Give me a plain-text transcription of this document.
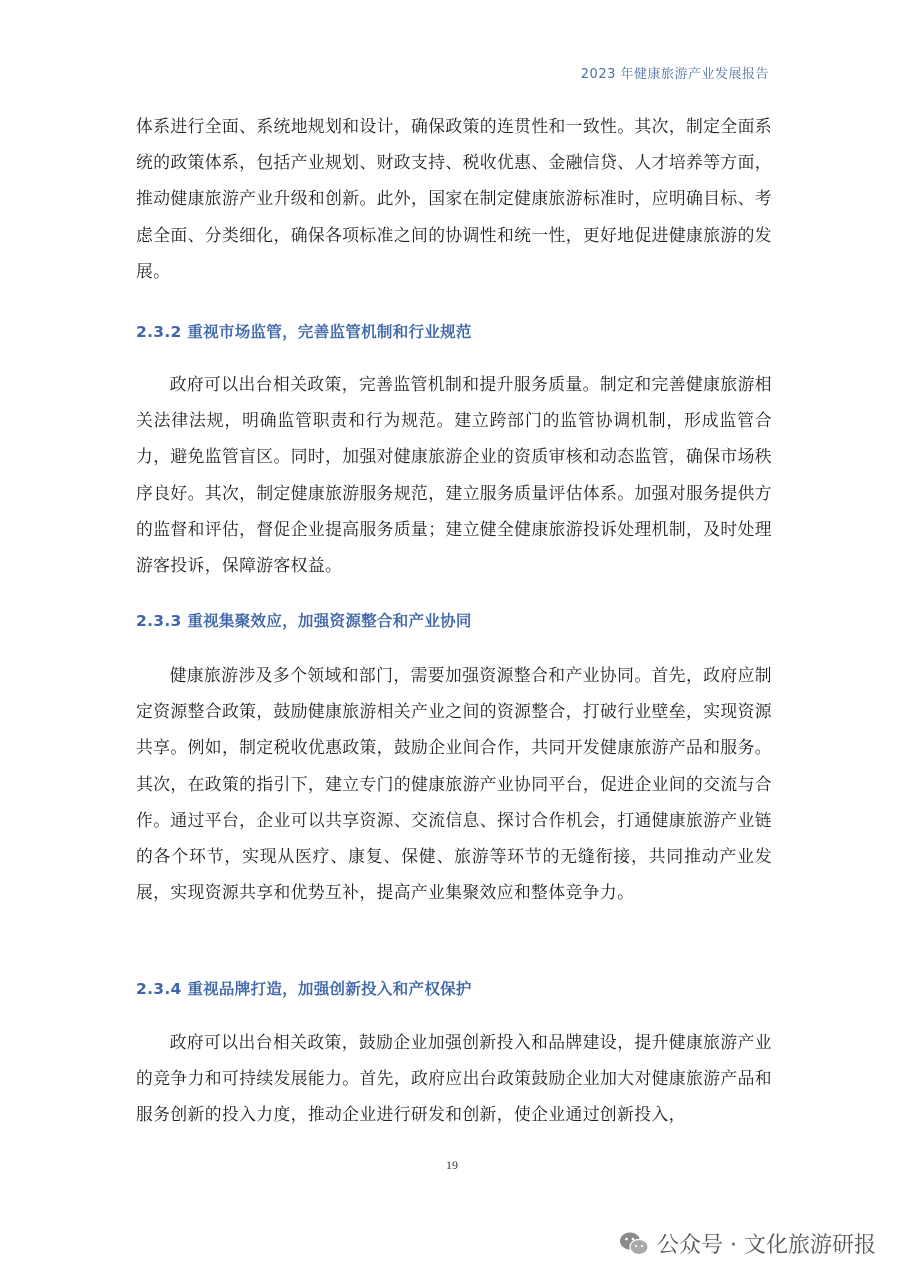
2023 年健康旅游产业发展报告

体系进行全面、系统地规划和设计，确保政策的连贯性和一致性。其次，制定全面系统的政策体系，包括产业规划、财政支持、税收优惠、金融信贷、人才培养等方面，推动健康旅游产业升级和创新。此外，国家在制定健康旅游标准时，应明确目标、考虑全面、分类细化，确保各项标准之间的协调性和统一性，更好地促进健康旅游的发展。

2.3.2 重视市场监管，完善监管机制和行业规范

政府可以出台相关政策，完善监管机制和提升服务质量。制定和完善健康旅游相关法律法规，明确监管职责和行为规范。建立跨部门的监管协调机制，形成监管合力，避免监管盲区。同时，加强对健康旅游企业的资质审核和动态监管，确保市场秩序良好。其次，制定健康旅游服务规范，建立服务质量评估体系。加强对服务提供方的监督和评估，督促企业提高服务质量；建立健全健康旅游投诉处理机制，及时处理游客投诉，保障游客权益。

2.3.3 重视集聚效应，加强资源整合和产业协同

健康旅游涉及多个领域和部门，需要加强资源整合和产业协同。首先，政府应制定资源整合政策，鼓励健康旅游相关产业之间的资源整合，打破行业壁垒，实现资源共享。例如，制定税收优惠政策，鼓励企业间合作，共同开发健康旅游产品和服务。其次，在政策的指引下，建立专门的健康旅游产业协同平台，促进企业间的交流与合作。通过平台，企业可以共享资源、交流信息、探讨合作机会，打通健康旅游产业链的各个环节，实现从医疗、康复、保健、旅游等环节的无缝衔接，共同推动产业发展，实现资源共享和优势互补，提高产业集聚效应和整体竞争力。

2.3.4 重视品牌打造，加强创新投入和产权保护

政府可以出台相关政策，鼓励企业加强创新投入和品牌建设，提升健康旅游产业的竞争力和可持续发展能力。首先，政府应出台政策鼓励企业加大对健康旅游产品和服务创新的投入力度，推动企业进行研发和创新，使企业通过创新投入，

19
公众号 · 文化旅游研报
